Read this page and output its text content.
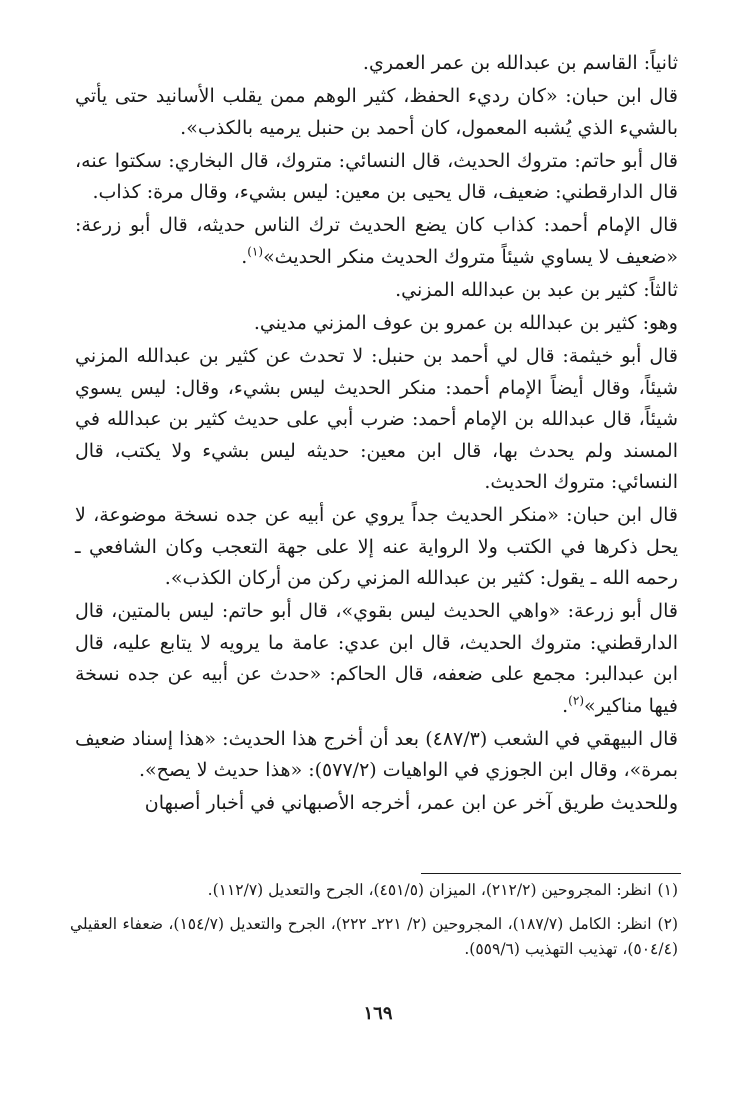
ثانياً: القاسم بن عبدالله بن عمر العمري.

قال ابن حبان: «كان رديء الحفظ، كثير الوهم ممن يقلب الأسانيد حتى يأتي بالشيء الذي يُشبه المعمول، كان أحمد بن حنبل يرميه بالكذب».

قال أبو حاتم: متروك الحديث، قال النسائي: متروك، قال البخاري: سكتوا عنه، قال الدارقطني: ضعيف، قال يحيى بن معين: ليس بشيء، وقال مرة: كذاب.

قال الإمام أحمد: كذاب كان يضع الحديث ترك الناس حديثه، قال أبو زرعة: «ضعيف لا يساوي شيئاً متروك الحديث منكر الحديث»$^{(١)}$.

ثالثاً: كثير بن عبد بن عبدالله المزني.

وهو: كثير بن عبدالله بن عمرو بن عوف المزني مديني.

قال أبو خيثمة: قال لي أحمد بن حنبل: لا تحدث عن كثير بن عبدالله المزني شيئاً، وقال أيضاً الإمام أحمد: منكر الحديث ليس بشيء، وقال: ليس يسوي شيئاً، قال عبدالله بن الإمام أحمد: ضرب أبي على حديث كثير بن عبدالله في المسند ولم يحدث بها، قال ابن معين: حديثه ليس بشيء ولا يكتب، قال النسائي: متروك الحديث.

قال ابن حبان: «منكر الحديث جداً يروي عن أبيه عن جده نسخة موضوعة، لا يحل ذكرها في الكتب ولا الرواية عنه إلا على جهة التعجب وكان الشافعي ـ رحمه الله ـ يقول: كثير بن عبدالله المزني ركن من أركان الكذب».

قال أبو زرعة: «واهي الحديث ليس بقوي»، قال أبو حاتم: ليس بالمتين، قال الدارقطني: متروك الحديث، قال ابن عدي: عامة ما يرويه لا يتابع عليه، قال ابن عبدالبر: مجمع على ضعفه، قال الحاكم: «حدث عن أبيه عن جده نسخة فيها مناكير»$^{(٢)}$.

قال البيهقي في الشعب (٤٨٧/٣) بعد أن أخرج هذا الحديث: «هذا إسناد ضعيف بمرة»، وقال ابن الجوزي في الواهيات (٥٧٧/٢): «هذا حديث لا يصح».

وللحديث طريق آخر عن ابن عمر، أخرجه الأصبهاني في أخبار أصبهان

(١)انظر: المجروحين (٢١٢/٢)، الميزان (٤٥١/٥)، الجرح والتعديل (١١٢/٧).

(٢)انظر: الكامل (١٨٧/٧)، المجروحين (٢/ ٢٢١ـ ٢٢٢)، الجرح والتعديل (١٥٤/٧)، ضعفاء العقيلي (٥٠٤/٤)، تهذيب التهذيب (٥٥٩/٦).

١٦٩
